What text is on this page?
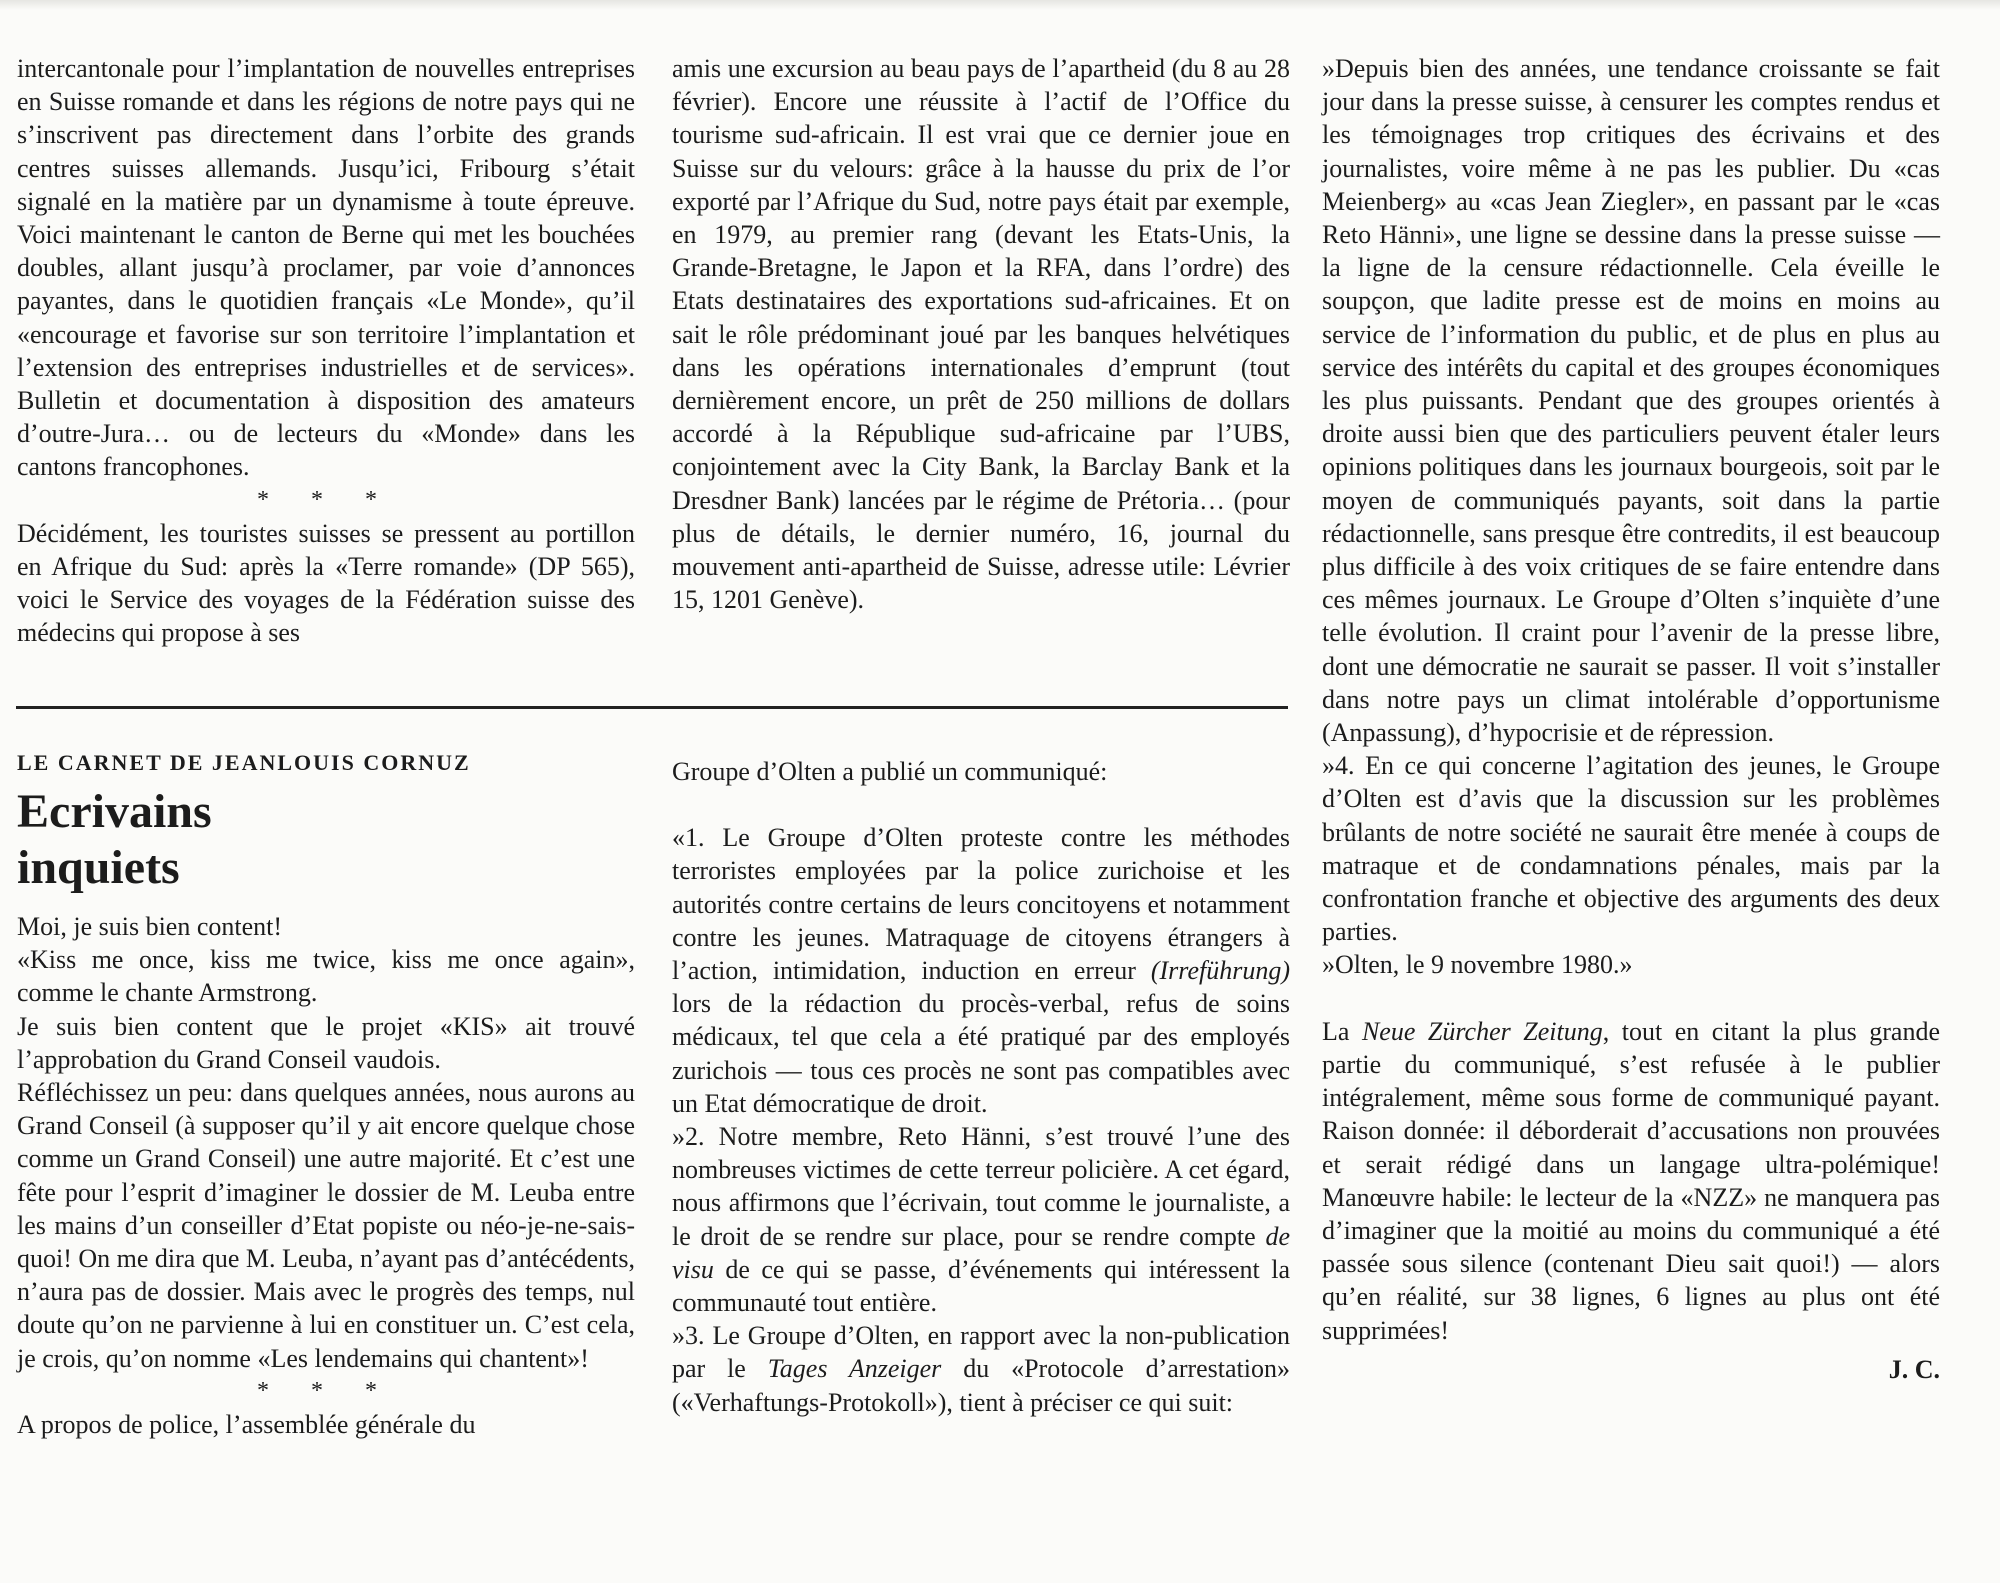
intercantonale pour l’implantation de nouvelles entreprises en Suisse romande et dans les régions de notre pays qui ne s’inscrivent pas directement dans l’orbite des grands centres suisses allemands. Jusqu’ici, Fribourg s’était signalé en la matière par un dynamisme à toute épreuve. Voici maintenant le canton de Berne qui met les bouchées doubles, allant jusqu’à proclamer, par voie d’annonces payantes, dans le quotidien français «Le Monde», qu’il «encourage et favorise sur son territoire l’implantation et l’extension des entreprises industrielles et de services». Bulletin et documentation à disposition des amateurs d’outre-Jura… ou de lecteurs du «Monde» dans les cantons francophones.

* * *

Décidément, les touristes suisses se pressent au portillon en Afrique du Sud: après la «Terre romande» (DP 565), voici le Service des voyages de la Fédération suisse des médecins qui propose à ses

amis une excursion au beau pays de l’apartheid (du 8 au 28 février). Encore une réussite à l’actif de l’Office du tourisme sud-africain. Il est vrai que ce dernier joue en Suisse sur du velours: grâce à la hausse du prix de l’or exporté par l’Afrique du Sud, notre pays était par exemple, en 1979, au premier rang (devant les Etats-Unis, la Grande-Bretagne, le Japon et la RFA, dans l’ordre) des Etats destinataires des exportations sud-africaines. Et on sait le rôle prédominant joué par les banques helvétiques dans les opérations internationales d’emprunt (tout dernièrement encore, un prêt de 250 millions de dollars accordé à la République sud-africaine par l’UBS, conjointement avec la City Bank, la Barclay Bank et la Dresdner Bank) lancées par le régime de Prétoria… (pour plus de détails, le dernier numéro, 16, journal du mouvement anti-apartheid de Suisse, adresse utile: Lévrier 15, 1201 Genève).

LE CARNET DE JEANLOUIS CORNUZ
Ecrivains
inquiets

Moi, je suis bien content!

«Kiss me once, kiss me twice, kiss me once again», comme le chante Armstrong.

Je suis bien content que le projet «KIS» ait trouvé l’approbation du Grand Conseil vaudois.

Réfléchissez un peu: dans quelques années, nous aurons au Grand Conseil (à supposer qu’il y ait encore quelque chose comme un Grand Conseil) une autre majorité. Et c’est une fête pour l’esprit d’imaginer le dossier de M. Leuba entre les mains d’un conseiller d’Etat popiste ou néo-je-ne-sais-quoi! On me dira que M. Leuba, n’ayant pas d’antécédents, n’aura pas de dossier. Mais avec le progrès des temps, nul doute qu’on ne parvienne à lui en constituer un. C’est cela, je crois, qu’on nomme «Les lendemains qui chantent»!

* * *

A propos de police, l’assemblée générale du

Groupe d’Olten a publié un communiqué:

«1. Le Groupe d’Olten proteste contre les méthodes terroristes employées par la police zurichoise et les autorités contre certains de leurs concitoyens et notamment contre les jeunes. Matraquage de citoyens étrangers à l’action, intimidation, induction en erreur (Irreführung) lors de la rédaction du procès-verbal, refus de soins médicaux, tel que cela a été pratiqué par des employés zurichois — tous ces procès ne sont pas compatibles avec un Etat démocratique de droit.

»2. Notre membre, Reto Hänni, s’est trouvé l’une des nombreuses victimes de cette terreur policière. A cet égard, nous affirmons que l’écrivain, tout comme le journaliste, a le droit de se rendre sur place, pour se rendre compte de visu de ce qui se passe, d’événements qui intéressent la communauté tout entière.

»3. Le Groupe d’Olten, en rapport avec la non-publication par le Tages Anzeiger du «Protocole d’arrestation» («Verhaftungs-Protokoll»), tient à préciser ce qui suit:

»Depuis bien des années, une tendance croissante se fait jour dans la presse suisse, à censurer les comptes rendus et les témoignages trop critiques des écrivains et des journalistes, voire même à ne pas les publier. Du «cas Meienberg» au «cas Jean Ziegler», en passant par le «cas Reto Hänni», une ligne se dessine dans la presse suisse — la ligne de la censure rédactionnelle. Cela éveille le soupçon, que ladite presse est de moins en moins au service de l’information du public, et de plus en plus au service des intérêts du capital et des groupes économiques les plus puissants. Pendant que des groupes orientés à droite aussi bien que des particuliers peuvent étaler leurs opinions politiques dans les journaux bourgeois, soit par le moyen de communiqués payants, soit dans la partie rédactionnelle, sans presque être contredits, il est beaucoup plus difficile à des voix critiques de se faire entendre dans ces mêmes journaux. Le Groupe d’Olten s’inquiète d’une telle évolution. Il craint pour l’avenir de la presse libre, dont une démocratie ne saurait se passer. Il voit s’installer dans notre pays un climat intolérable d’opportunisme (Anpassung), d’hypocrisie et de répression.

»4. En ce qui concerne l’agitation des jeunes, le Groupe d’Olten est d’avis que la discussion sur les problèmes brûlants de notre société ne saurait être menée à coups de matraque et de condamnations pénales, mais par la confrontation franche et objective des arguments des deux parties.

»Olten, le 9 novembre 1980.»

La Neue Zürcher Zeitung, tout en citant la plus grande partie du communiqué, s’est refusée à le publier intégralement, même sous forme de communiqué payant. Raison donnée: il déborderait d’accusations non prouvées et serait rédigé dans un langage ultra-polémique! Manœuvre habile: le lecteur de la «NZZ» ne manquera pas d’imaginer que la moitié au moins du communiqué a été passée sous silence (contenant Dieu sait quoi!) — alors qu’en réalité, sur 38 lignes, 6 lignes au plus ont été supprimées!

J. C.
